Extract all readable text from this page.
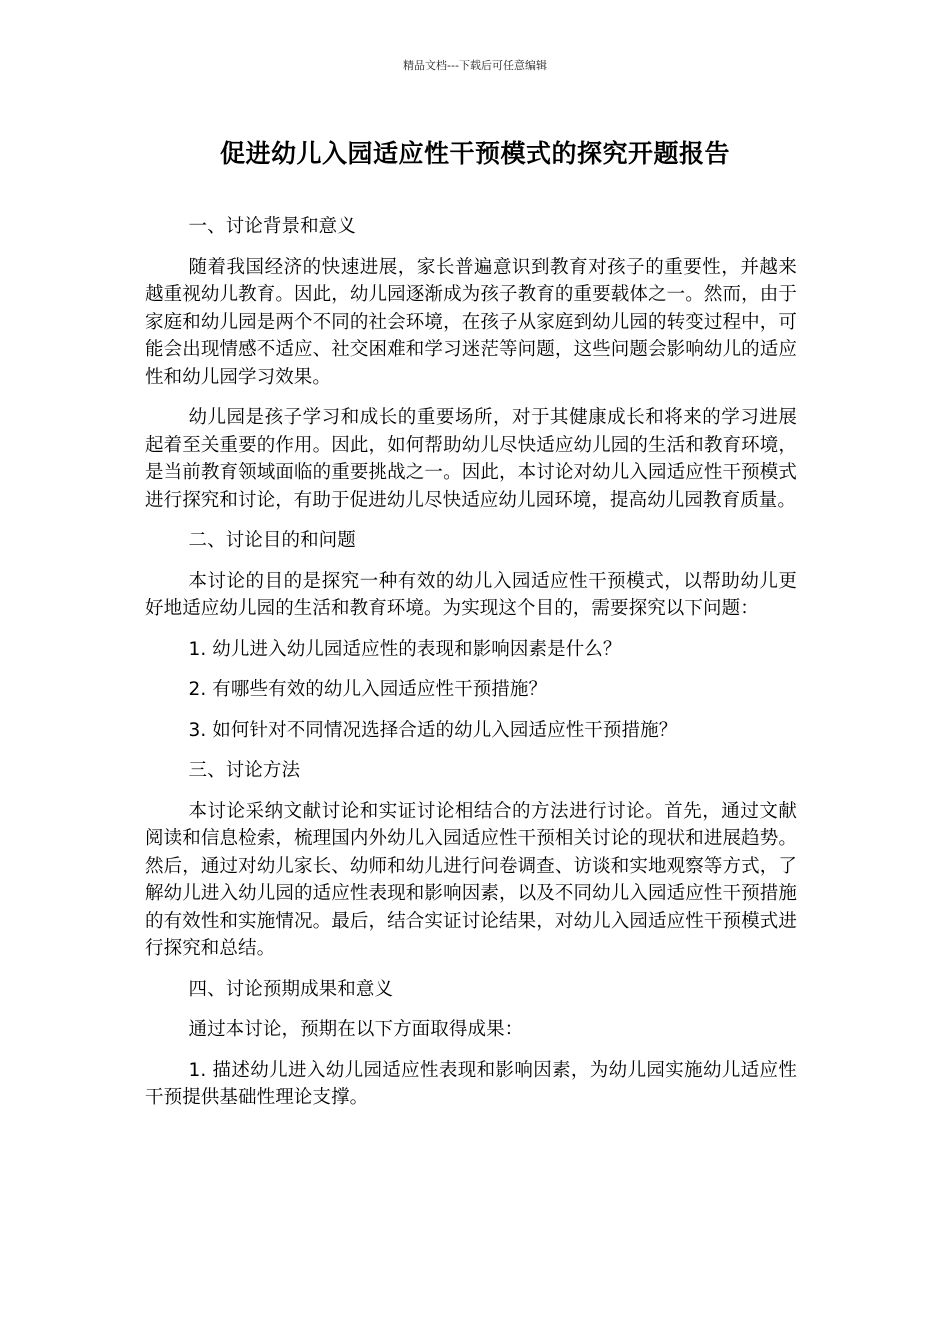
精品文档---下载后可任意编辑
促进幼儿入园适应性干预模式的探究开题报告

一、讨论背景和意义

随着我国经济的快速进展，家长普遍意识到教育对孩子的重要性，并越来越重视幼儿教育。因此，幼儿园逐渐成为孩子教育的重要载体之一。然而，由于家庭和幼儿园是两个不同的社会环境，在孩子从家庭到幼儿园的转变过程中，可能会出现情感不适应、社交困难和学习迷茫等问题，这些问题会影响幼儿的适应性和幼儿园学习效果。

幼儿园是孩子学习和成长的重要场所，对于其健康成长和将来的学习进展起着至关重要的作用。因此，如何帮助幼儿尽快适应幼儿园的生活和教育环境，是当前教育领域面临的重要挑战之一。因此，本讨论对幼儿入园适应性干预模式进行探究和讨论，有助于促进幼儿尽快适应幼儿园环境，提高幼儿园教育质量。

二、讨论目的和问题

本讨论的目的是探究一种有效的幼儿入园适应性干预模式，以帮助幼儿更好地适应幼儿园的生活和教育环境。为实现这个目的，需要探究以下问题：

1. 幼儿进入幼儿园适应性的表现和影响因素是什么？

2. 有哪些有效的幼儿入园适应性干预措施？

3. 如何针对不同情况选择合适的幼儿入园适应性干预措施？

三、讨论方法

本讨论采纳文献讨论和实证讨论相结合的方法进行讨论。首先，通过文献阅读和信息检索，梳理国内外幼儿入园适应性干预相关讨论的现状和进展趋势。然后，通过对幼儿家长、幼师和幼儿进行问卷调查、访谈和实地观察等方式，了解幼儿进入幼儿园的适应性表现和影响因素，以及不同幼儿入园适应性干预措施的有效性和实施情况。最后，结合实证讨论结果，对幼儿入园适应性干预模式进行探究和总结。

四、讨论预期成果和意义

通过本讨论，预期在以下方面取得成果：

1. 描述幼儿进入幼儿园适应性表现和影响因素，为幼儿园实施幼儿适应性干预提供基础性理论支撑。
